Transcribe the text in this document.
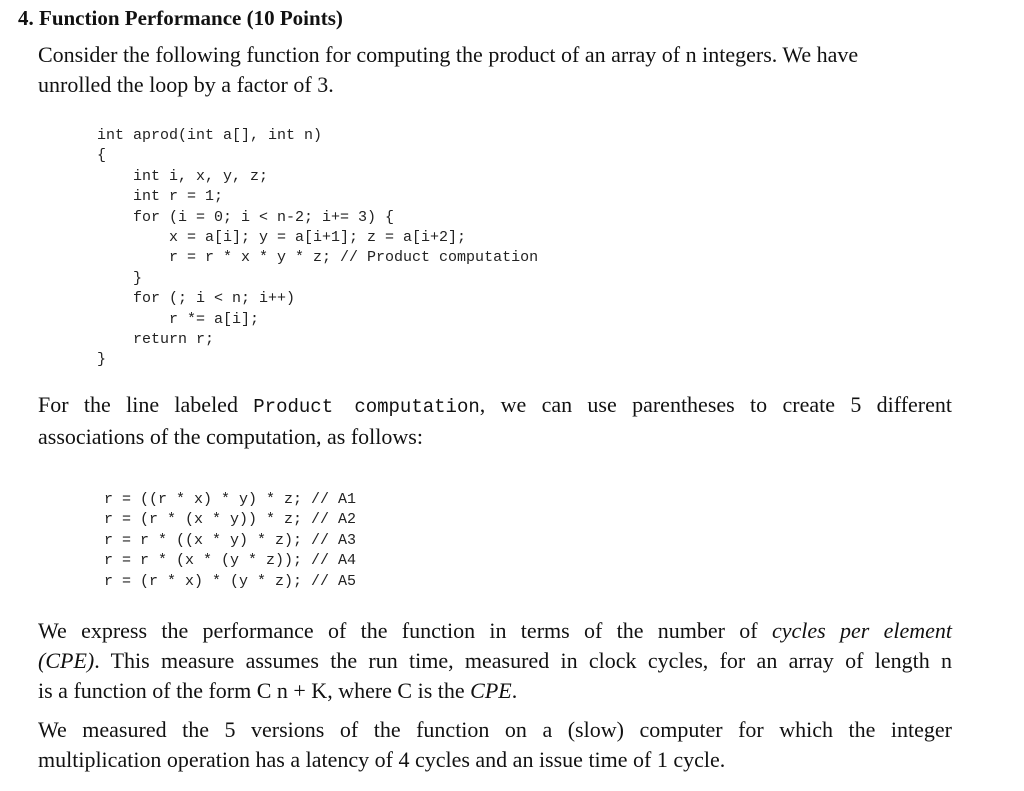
4. Function Performance (10 Points)
Consider the following function for computing the product of an array of n integers. We have
unrolled the loop by a factor of 3.
int aprod(int a[], int n)
{
int i, x, y, z;
int r = 1;
for (i = 0; i < n-2; i+= 3) {
x = a[i]; y = a[i+1]; z = a[i+2];
r = r * x * y * z; // Product computation
}
for (; i < n; i++)
r *= a[i];
return r;
}
For the line labeled Product computation, we can use parentheses to create 5 different
associations of the computation, as follows:
r = ((r * x) * y) * z; // A1
r = (r * (x * y)) * z; // A2
r = r * ((x * y) * z); // A3
r = r * (x * (y * z)); // A4
r = (r * x) * (y * z); // A5
We express the performance of the function in terms of the number of cycles per element
(CPE). This measure assumes the run time, measured in clock cycles, for an array of length n
is a function of the form C n + K, where C is the CPE.
We measured the 5 versions of the function on a (slow) computer for which the integer
multiplication operation has a latency of 4 cycles and an issue time of 1 cycle.
